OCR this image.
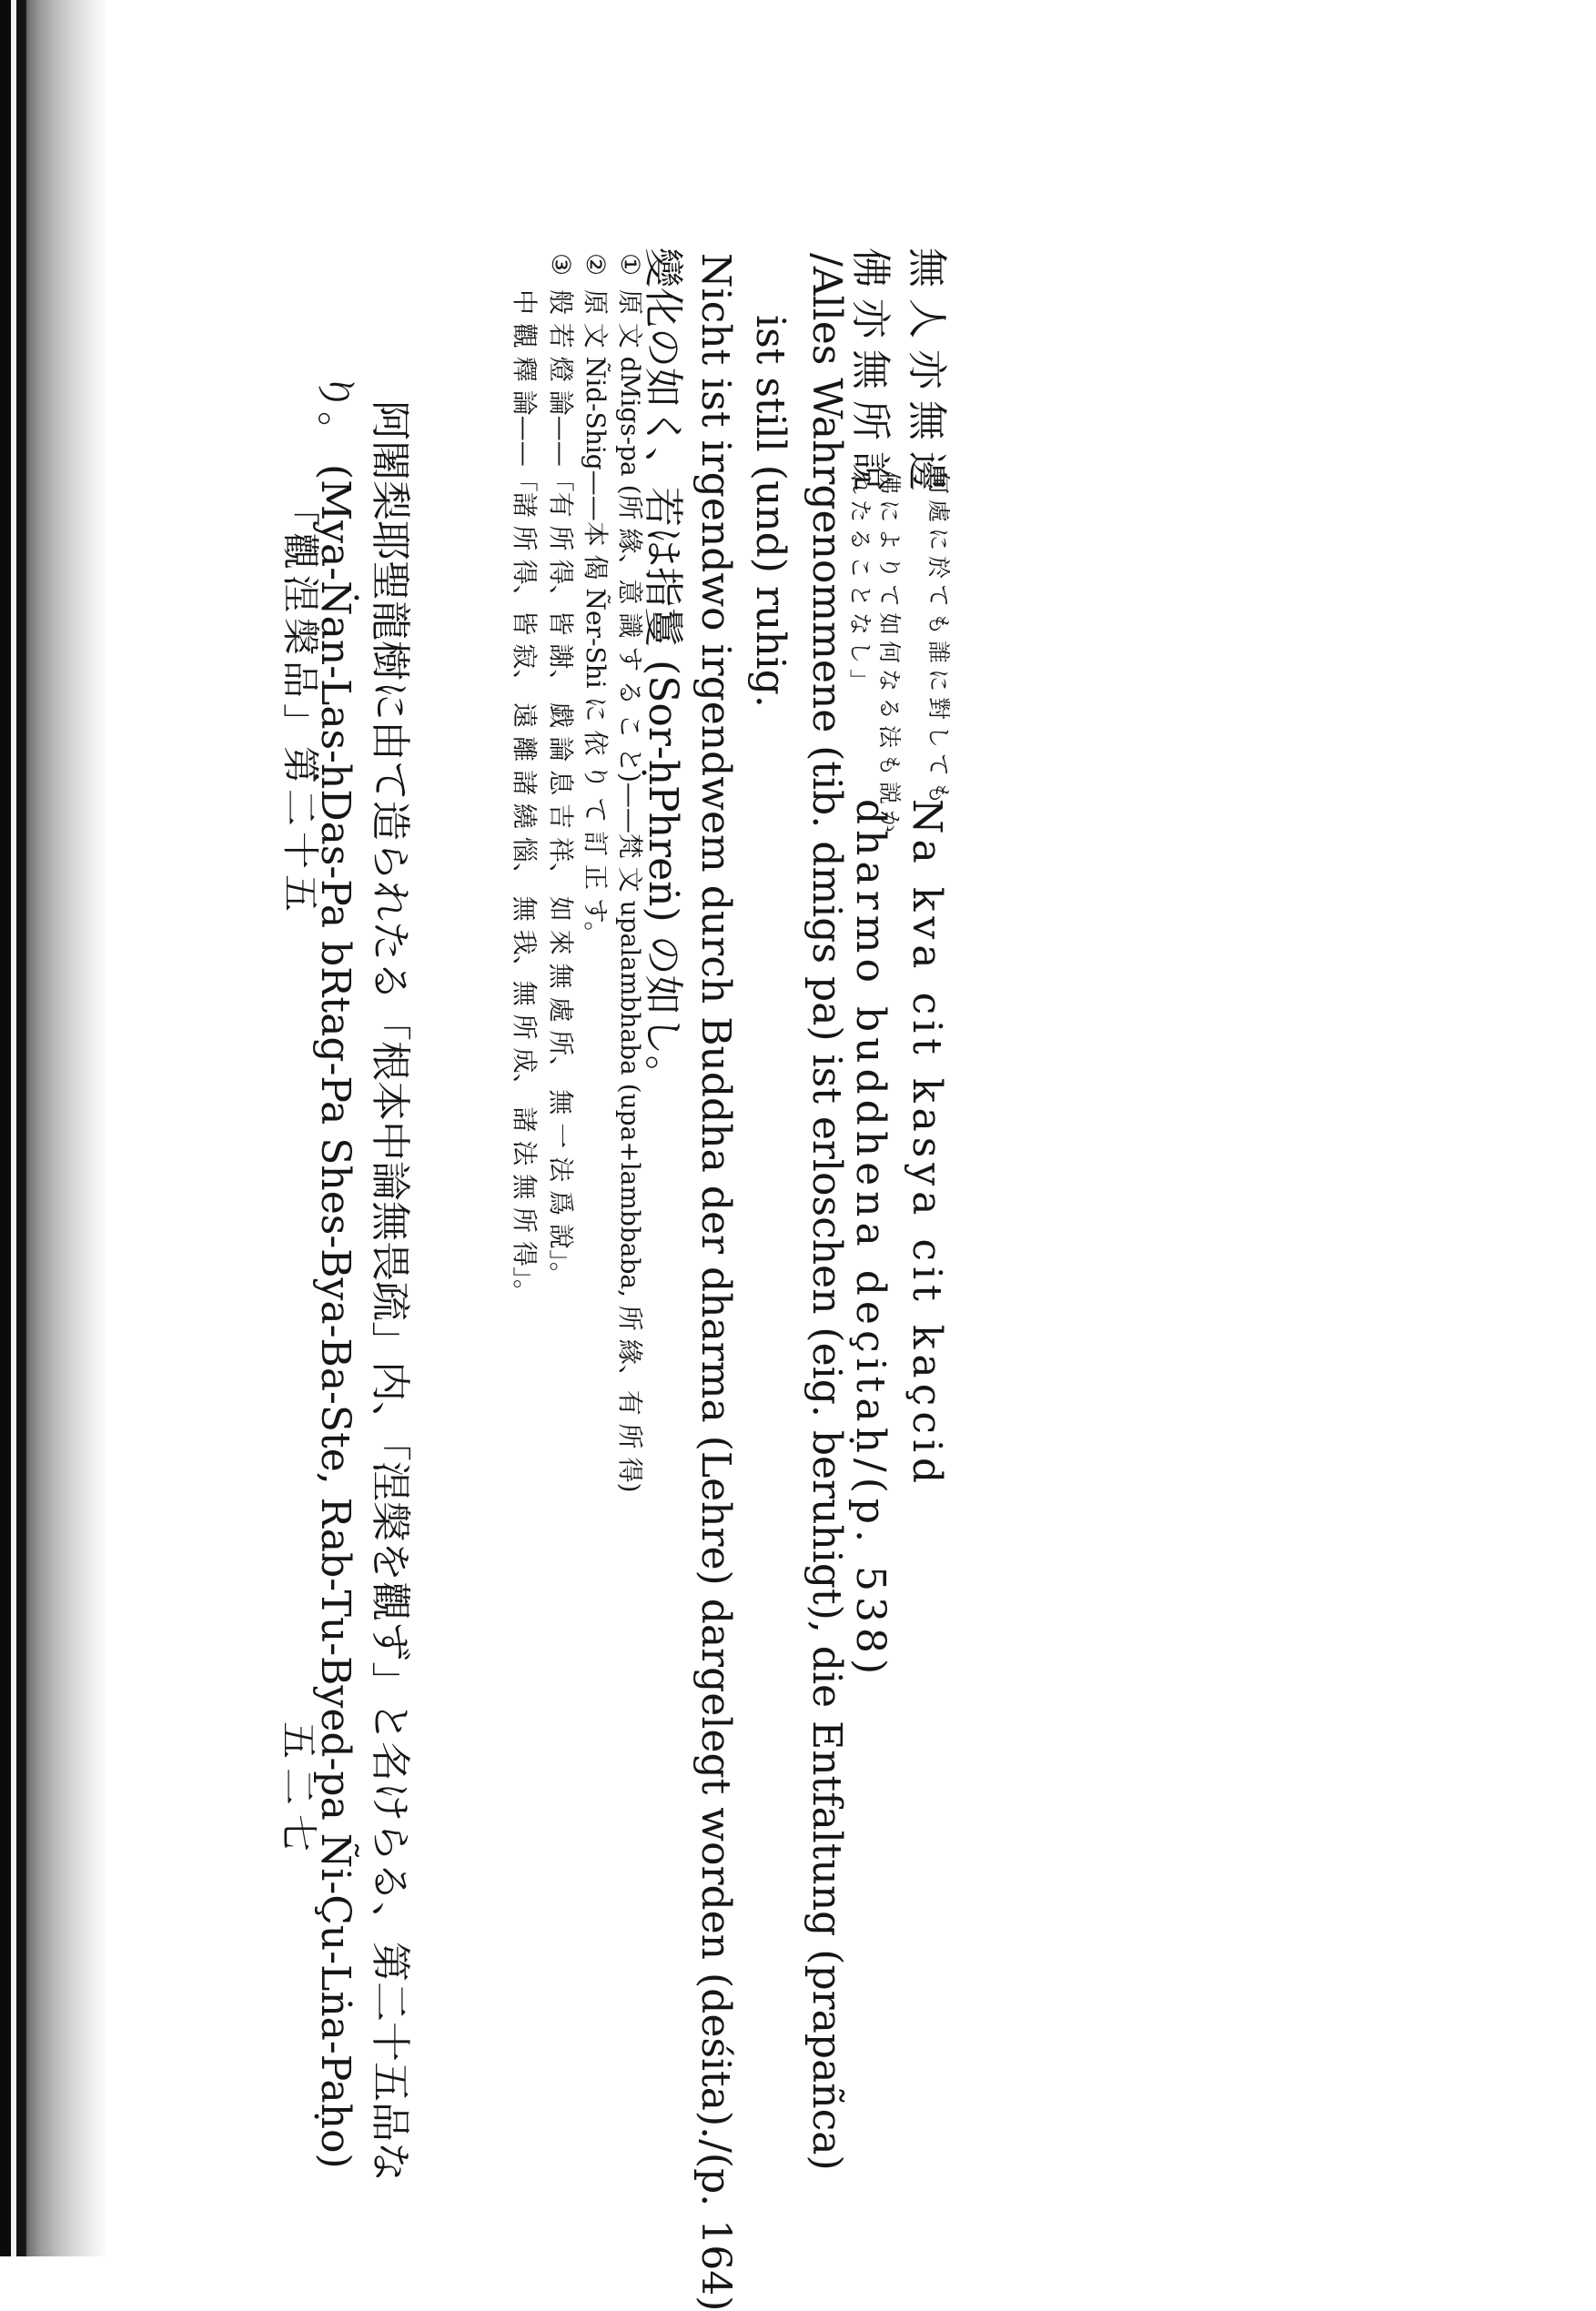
無人亦無邊
何處に於ても誰に對しても
Na kva cit kasya cit kaçcid
佛亦無所說
佛によりて如何なる法も説か
れたることなし」
dharmo buddhena deçitaḥ/(p. 538)
/Alles Wahrgenommene (tib. dmigs pa) ist erloschen (eig. beruhigt), die Entfaltung (prapañca)
ist still (und) ruhig.
Nicht ist irgendwo irgendwem durch Buddha der dharma (Lehre) dargelegt worden (deśita)./(p. 164)
變化の如く、若は指鬘 (Sor-ḥPhreṅ) の如し。
①
原 文 dMigs-pa (所 緣、意 識 す る こ と)——梵 文 upalambhaba (upa+lambbaba, 所 緣、有 所 得)
②
原 文 Ñid-Shig——本 偈 Ñer-Shi に 依 り て 訂 正 す。
③
般 若 燈 論——「有 所 得、皆 謝、 戯 論 息 吉 祥、 如 來 無 處 所、 無 一 法 爲 說」。
中 觀 釋 論——「諸 所 得、皆 寂、 遠 離 諸 繞 惱、 無 我、無 所 成、 諸 法 無 所 得」。
阿闍梨耶聖龍樹に由て造られたる「根本中論無畏疏」内、「涅槃を觀ず」と名けらる、第二十五品な
り。 (Mya-Ṅan-Las-ḥDas-Pa bRtag-Pa Shes-Bya-Ba-Ste, Rab-Tu-Byed-pa Ñi-Çu-Lṅa-Paḥo)
「觀涅槃品」第二十五
五二七
